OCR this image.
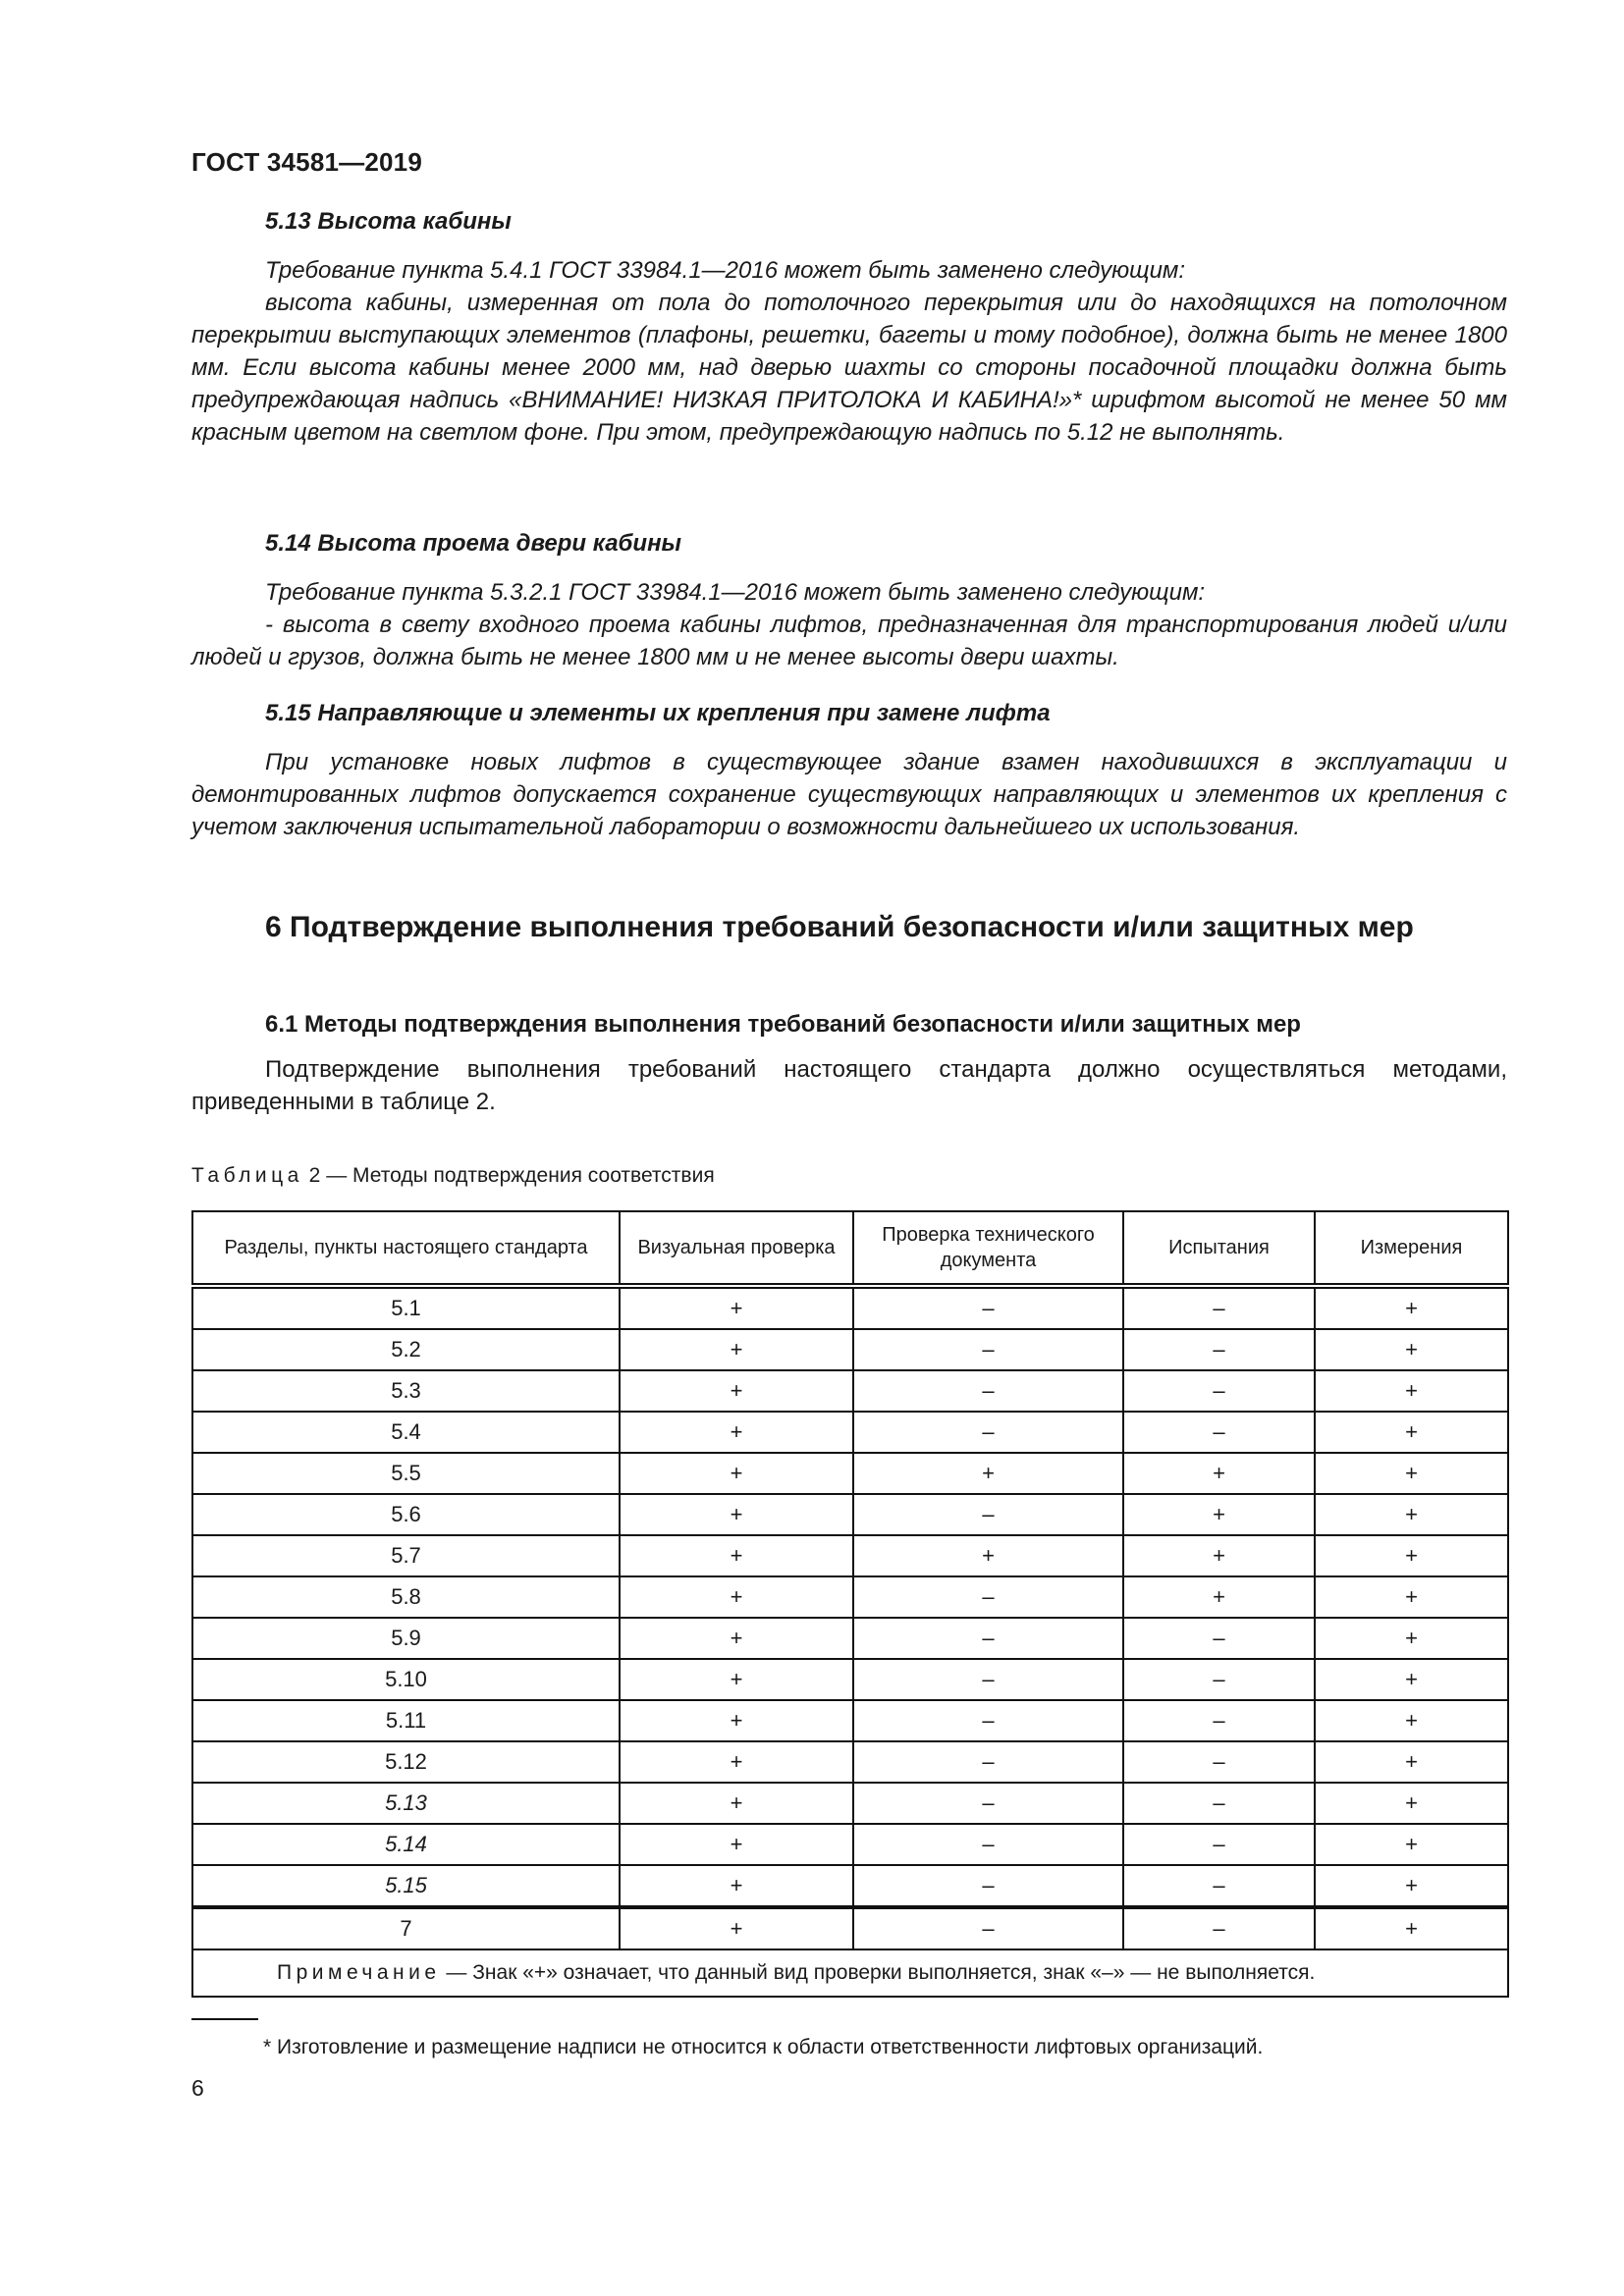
ГОСТ 34581—2019
5.13 Высота кабины
Требование пункта 5.4.1 ГОСТ 33984.1—2016 может быть заменено следующим:
высота кабины, измеренная от пола до потолочного перекрытия или до находящихся на потолочном перекрытии выступающих элементов (плафоны, решетки, багеты и тому подобное), должна быть не менее 1800 мм. Если высота кабины менее 2000 мм, над дверью шахты со стороны посадочной площадки должна быть предупреждающая надпись «ВНИМАНИЕ! НИЗКАЯ ПРИТОЛОКА И КАБИНА!»* шрифтом высотой не менее 50 мм красным цветом на светлом фоне. При этом, предупреждающую надпись по 5.12 не выполнять.
5.14 Высота проема двери кабины
Требование пункта 5.3.2.1 ГОСТ 33984.1—2016 может быть заменено следующим:
- высота в свету входного проема кабины лифтов, предназначенная для транспортирования людей и/или людей и грузов, должна быть не менее 1800 мм и не менее высоты двери шахты.
5.15 Направляющие и элементы их крепления при замене лифта
При установке новых лифтов в существующее здание взамен находившихся в эксплуатации и демонтированных лифтов допускается сохранение существующих направляющих и элементов их крепления с учетом заключения испытательной лаборатории о возможности дальнейшего их использования.
6 Подтверждение выполнения требований безопасности и/или защитных мер
6.1 Методы подтверждения выполнения требований безопасности и/или защитных мер
Подтверждение выполнения требований настоящего стандарта должно осуществляться методами, приведенными в таблице 2.
Таблица 2 — Методы подтверждения соответствия
Разделы, пункты настоящего стандарта	Визуальная проверка	Проверка технического документа	Испытания	Измерения
5.1	+	–	–	+
5.2	+	–	–	+
5.3	+	–	–	+
5.4	+	–	–	+
5.5	+	+	+	+
5.6	+	–	+	+
5.7	+	+	+	+
5.8	+	–	+	+
5.9	+	–	–	+
5.10	+	–	–	+
5.11	+	–	–	+
5.12	+	–	–	+
5.13	+	–	–	+
5.14	+	–	–	+
5.15	+	–	–	+
7	+	–	–	+
Примечание — Знак «+» означает, что данный вид проверки выполняется, знак «–» — не выполняется.				
* Изготовление и размещение надписи не относится к области ответственности лифтовых организаций.
6
